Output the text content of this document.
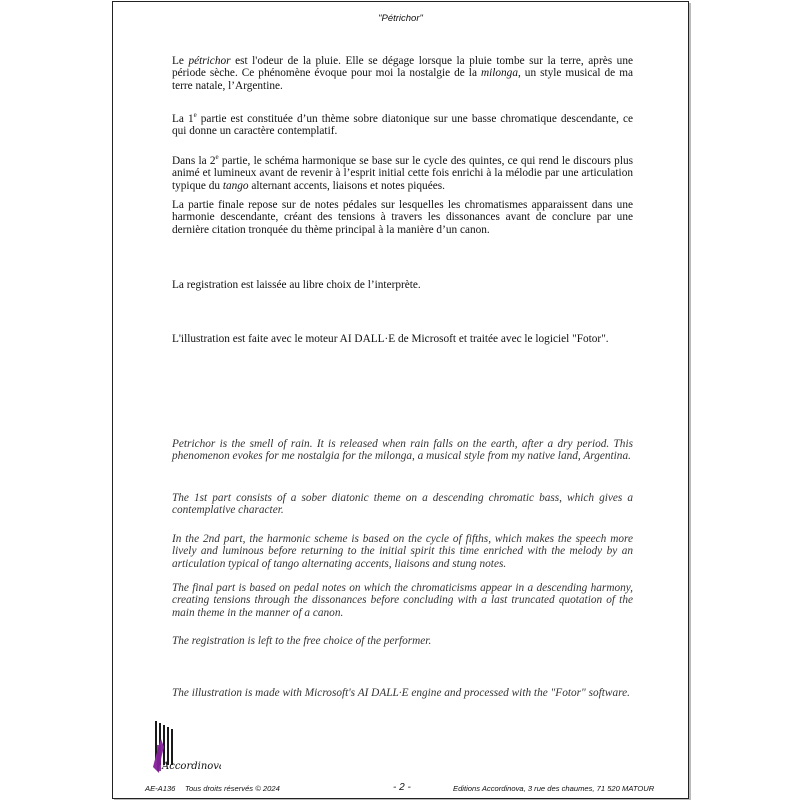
"Pétrichor"

Le pétrichor est l'odeur de la pluie. Elle se dégage lorsque la pluie tombe sur la terre, après une période sèche. Ce phénomène évoque pour moi la nostalgie de la milonga, un style musical de ma terre natale, l’Argentine.

La 1e partie est constituée d’un thème sobre diatonique sur une basse chromatique descendante, ce qui donne un caractère contemplatif.

Dans la 2e partie, le schéma harmonique se base sur le cycle des quintes, ce qui rend le discours plus animé et lumineux avant de revenir à l’esprit initial cette fois enrichi à la mélodie par une articulation typique du tango alternant accents, liaisons et notes piquées.

La partie finale repose sur de notes pédales sur lesquelles les chromatismes apparaissent dans une harmonie descendante, créant des tensions à travers les dissonances avant de conclure par une dernière citation tronquée du thème principal à la manière d’un canon.

La registration est laissée au libre choix de l’interprète.

L'illustration est faite avec le moteur AI DALL·E de Microsoft et traitée avec le logiciel "Fotor".

Petrichor is the smell of rain. It is released when rain falls on the earth, after a dry period. This phenomenon evokes for me nostalgia for the milonga, a musical style from my native land, Argentina.

The 1st part consists of a sober diatonic theme on a descending chromatic bass, which gives a contemplative character.

In the 2nd part, the harmonic scheme is based on the cycle of fifths, which makes the speech more lively and luminous before returning to the initial spirit this time enriched with the melody by an articulation typical of tango alternating accents, liaisons and stung notes.

The final part is based on pedal notes on which the chromaticisms appear in a descending harmony, creating tensions through the dissonances before concluding with a last truncated quotation of the main theme in the manner of a canon.

The registration is left to the free choice of the performer.

The illustration is made with Microsoft's AI DALL·E engine and processed with the "Fotor" software.

Accordinova
AE-A136 Tous droits réservés © 2024	- 2 -	Editions Accordinova, 3 rue des chaumes, 71 520 MATOUR
